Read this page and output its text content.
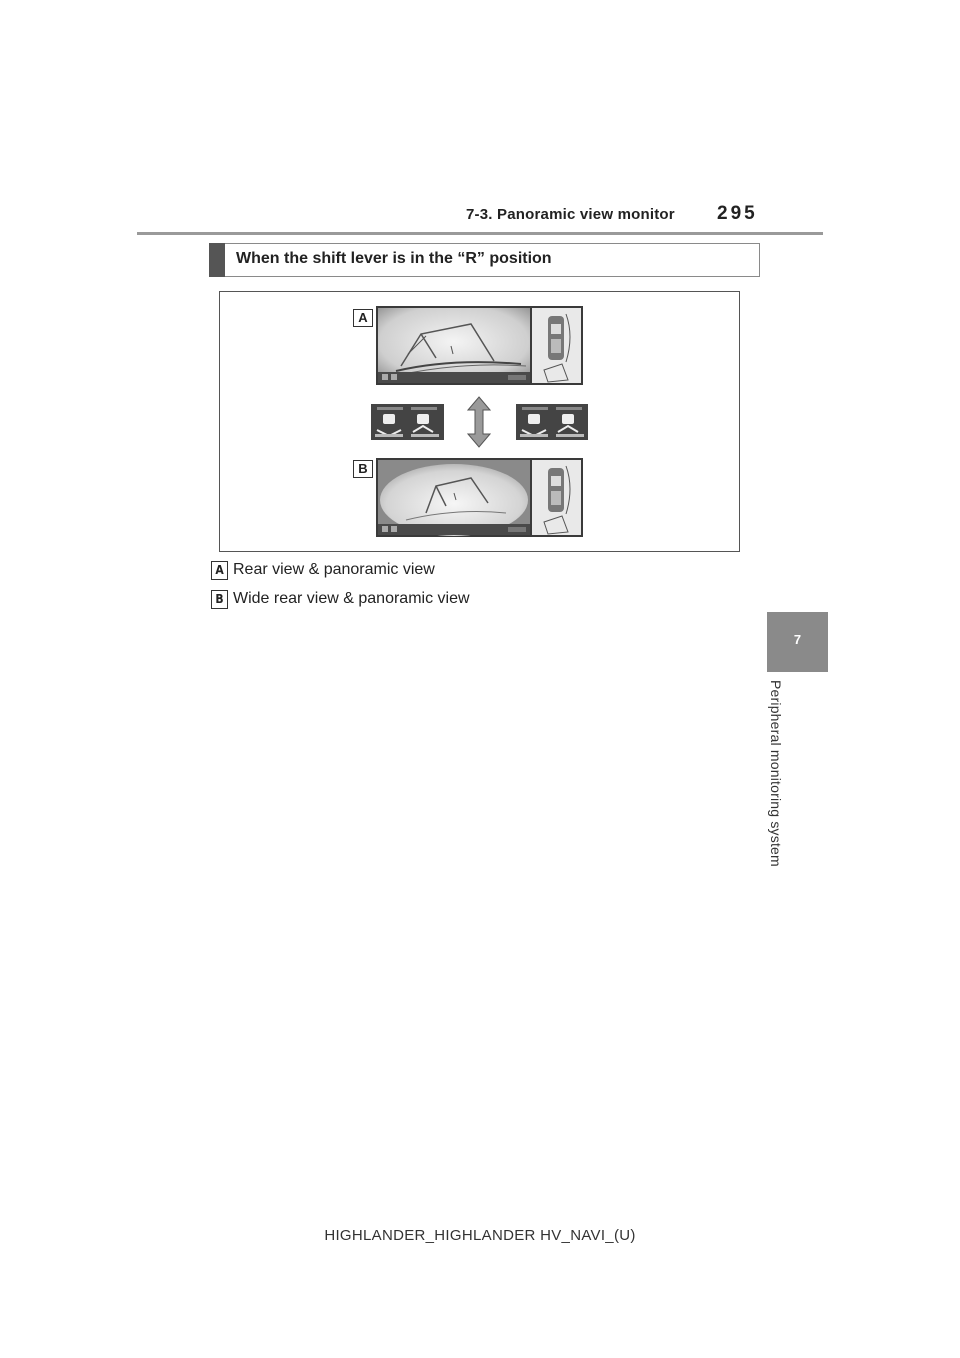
7-3. Panoramic view monitor 295
7
Peripheral monitoring system
When the shift lever is in the “R” position
A
B
A Rear view & panoramic view
B Wide rear view & panoramic view
HIGHLANDER_HIGHLANDER HV_NAVI_(U)
